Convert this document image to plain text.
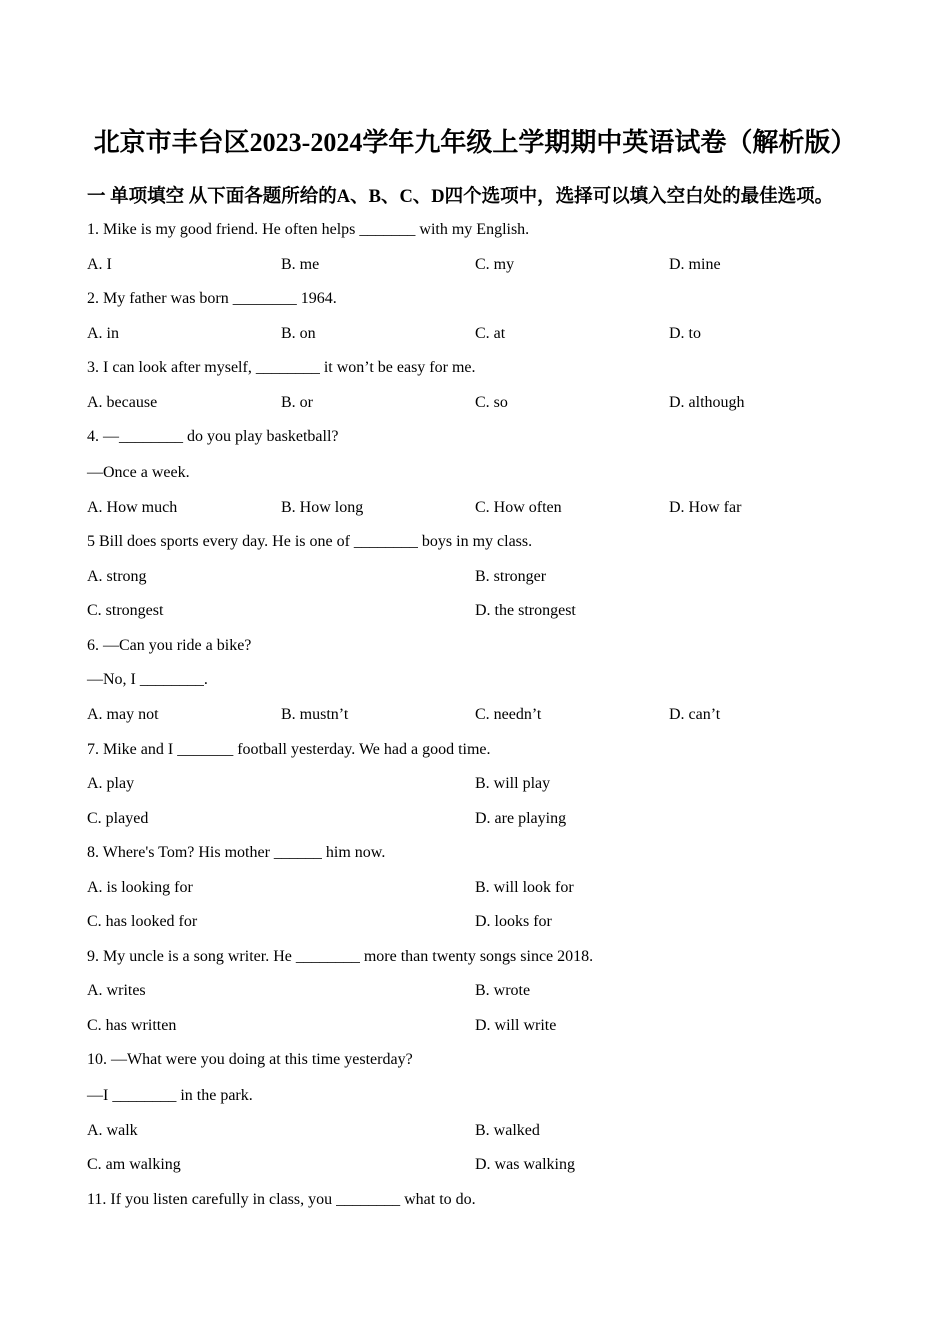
北京市丰台区2023-2024学年九年级上学期期中英语试卷（解析版）
一 单项填空 从下面各题所给的A、B、C、D四个选项中，选择可以填入空白处的最佳选项。
1. Mike is my good friend. He often helps _______ with my English.
A. I	B. me	C. my	D. mine
2. My father was born ________ 1964.
A. in	B. on	C. at	D. to
3. I can look after myself, ________ it won’t be easy for me.
A. because	B. or	C. so	D. although
4. —________ do you play basketball?
—Once a week.
A. How much	B. How long	C. How often	D. How far
5 Bill does sports every day. He is one of ________ boys in my class.
A. strong	B. stronger
C. strongest	D. the strongest
6. —Can you ride a bike?
—No, I ________.
A. may not	B. mustn’t	C. needn’t	D. can’t
7. Mike and I _______ football yesterday. We had a good time.
A. play	B. will play
C. played	D. are playing
8. Where's Tom? His mother ______ him now.
A. is looking for	B. will look for
C. has looked for	D. looks for
9. My uncle is a song writer. He ________ more than twenty songs since 2018.
A. writes	B. wrote
C. has written	D. will write
10. —What were you doing at this time yesterday?
—I ________ in the park.
A. walk	B. walked
C. am walking	D. was walking
11. If you listen carefully in class, you ________ what to do.
